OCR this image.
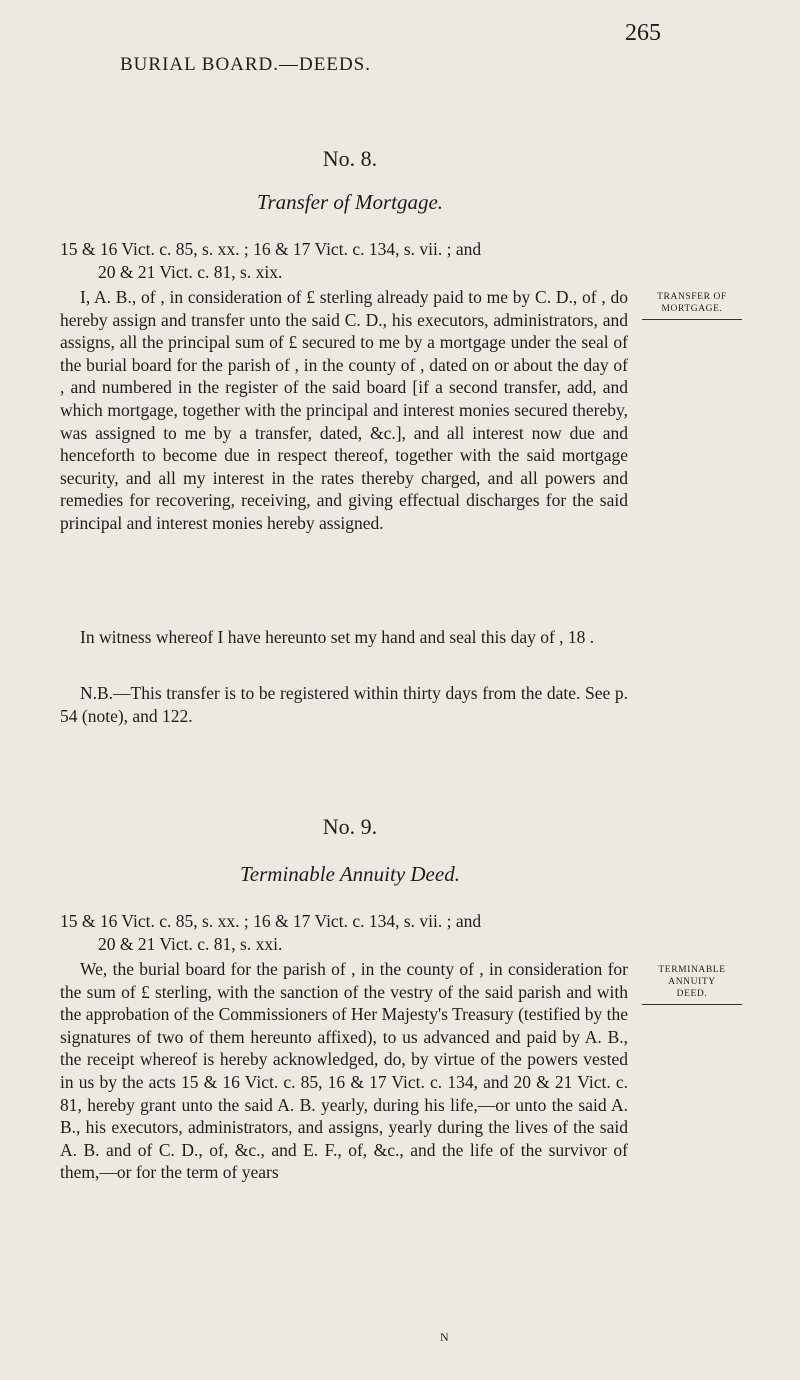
BURIAL BOARD.—DEEDS.
265
No. 8.
Transfer of Mortgage.

15 & 16 Vict. c. 85, s. xx. ; 16 & 17 Vict. c. 134, s. vii. ; and

20 & 21 Vict. c. 81, s. xix.

I, A. B., of , in consideration of £ sterling already paid to me by C. D., of , do hereby assign and transfer unto the said C. D., his executors, administrators, and assigns, all the principal sum of £ secured to me by a mortgage under the seal of the burial board for the parish of , in the county of , dated on or about the day of , and numbered in the register of the said board [if a second transfer, add, and which mortgage, together with the principal and interest monies secured thereby, was assigned to me by a transfer, dated, &c.], and all interest now due and henceforth to become due in respect thereof, together with the said mortgage security, and all my interest in the rates thereby charged, and all powers and remedies for recovering, receiving, and giving effectual discharges for the said principal and interest monies hereby assigned.
TRANSFER OF
MORTGAGE.
In witness whereof I have hereunto set my hand and seal this day of , 18 .
N.B.—This transfer is to be registered within thirty days from the date. See p. 54 (note), and 122.
No. 9.
Terminable Annuity Deed.

15 & 16 Vict. c. 85, s. xx. ; 16 & 17 Vict. c. 134, s. vii. ; and

20 & 21 Vict. c. 81, s. xxi.

We, the burial board for the parish of , in the county of , in consideration for the sum of £ sterling, with the sanction of the vestry of the said parish and with the approbation of the Commissioners of Her Majesty's Treasury (testified by the signatures of two of them hereunto affixed), to us advanced and paid by A. B., the receipt whereof is hereby acknowledged, do, by virtue of the powers vested in us by the acts 15 & 16 Vict. c. 85, 16 & 17 Vict. c. 134, and 20 & 21 Vict. c. 81, hereby grant unto the said A. B. yearly, during his life,—or unto the said A. B., his executors, administrators, and assigns, yearly during the lives of the said A. B. and of C. D., of, &c., and E. F., of, &c., and the life of the survivor of them,—or for the term of years
TERMINABLE
ANNUITY
DEED.
N
